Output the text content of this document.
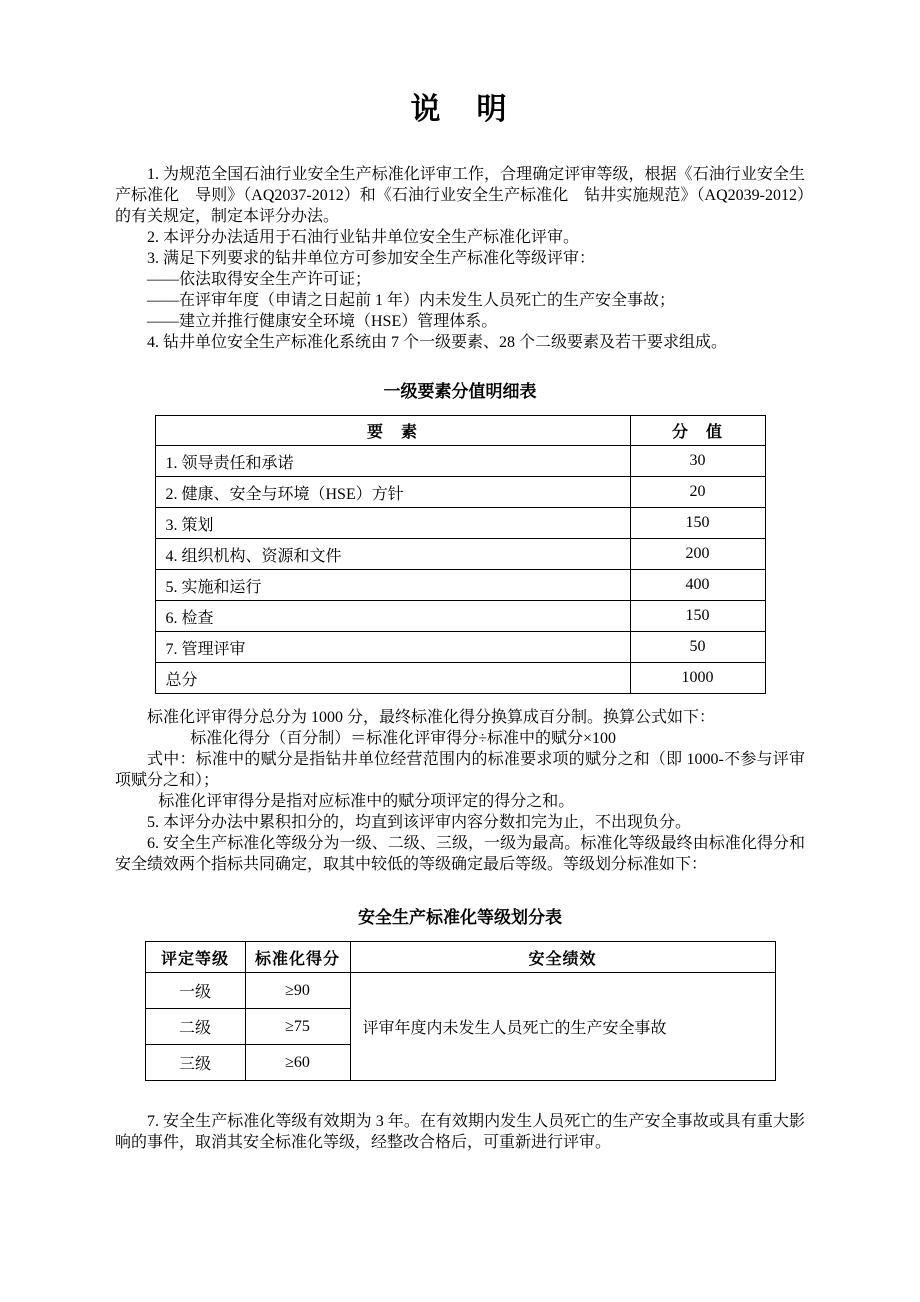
说　明

1. 为规范全国石油行业安全生产标准化评审工作，合理确定评审等级，根据《石油行业安全生产标准化　导则》（AQ2037-2012）和《石油行业安全生产标准化　钻井实施规范》（AQ2039-2012）的有关规定，制定本评分办法。

2. 本评分办法适用于石油行业钻井单位安全生产标准化评审。

3. 满足下列要求的钻井单位方可参加安全生产标准化等级评审：

——依法取得安全生产许可证；

——在评审年度（申请之日起前 1 年）内未发生人员死亡的生产安全事故；

——建立并推行健康安全环境（HSE）管理体系。

4. 钻井单位安全生产标准化系统由 7 个一级要素、28 个二级要素及若干要求组成。

一级要素分值明细表
要　素	分　值
1. 领导责任和承诺	30
2. 健康、安全与环境（HSE）方针	20
3. 策划	150
4. 组织机构、资源和文件	200
5. 实施和运行	400
6. 检查	150
7. 管理评审	50
总分	1000

标准化评审得分总分为 1000 分，最终标准化得分换算成百分制。换算公式如下：

标准化得分（百分制）＝标准化评审得分÷标准中的赋分×100

式中：标准中的赋分是指钻井单位经营范围内的标准要求项的赋分之和（即 1000-不参与评审项赋分之和）；

标准化评审得分是指对应标准中的赋分项评定的得分之和。

5. 本评分办法中累积扣分的，均直到该评审内容分数扣完为止，不出现负分。

6. 安全生产标准化等级分为一级、二级、三级，一级为最高。标准化等级最终由标准化得分和安全绩效两个指标共同确定，取其中较低的等级确定最后等级。等级划分标准如下：

安全生产标准化等级划分表
评定等级	标准化得分	安全绩效
一级	≥90	评审年度内未发生人员死亡的生产安全事故
二级	≥75	
三级	≥60	

7. 安全生产标准化等级有效期为 3 年。在有效期内发生人员死亡的生产安全事故或具有重大影响的事件，取消其安全标准化等级，经整改合格后，可重新进行评审。
